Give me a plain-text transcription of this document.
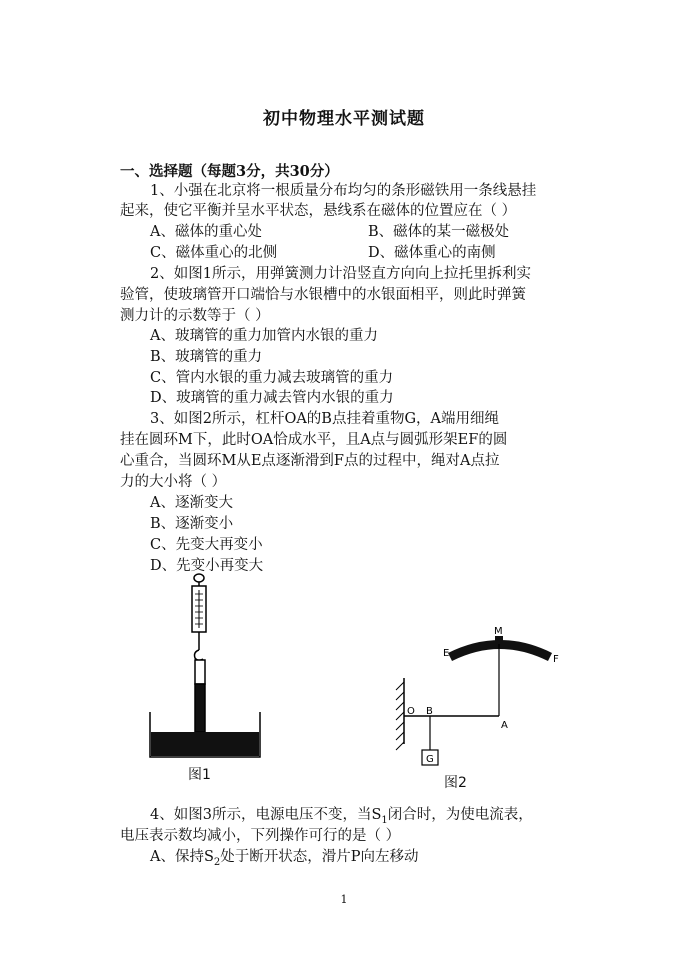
初中物理水平测试题
一、选择题（每题3分，共30分）
1、小强在北京将一根质量分布均匀的条形磁铁用一条线悬挂
起来，使它平衡并呈水平状态，悬线系在磁体的位置应在（ ）
A、磁体的重心处	B、磁体的某一磁极处
C、磁体重心的北侧	D、磁体重心的南侧
2、如图1所示，用弹簧测力计沿竖直方向向上拉托里拆利实
验管，使玻璃管开口端恰与水银槽中的水银面相平，则此时弹簧
测力计的示数等于（ ）
A、玻璃管的重力加管内水银的重力
B、玻璃管的重力
C、管内水银的重力减去玻璃管的重力
D、玻璃管的重力减去管内水银的重力
3、如图2所示，杠杆OA的B点挂着重物G，A端用细绳
挂在圆环M下，此时OA恰成水平，且A点与圆弧形架EF的圆
心重合，当圆环M从E点逐渐滑到F点的过程中，绳对A点拉
力的大小将（ ）
A、逐渐变大
B、逐渐变小
C、先变大再变小
D、先变小再变大
图1
E
M
F
O B
A
G
图2
4、如图3所示，电源电压不变，当$S_1$闭合时，为使电流表，
电压表示数均减小，下列操作可行的是（ ）
A、保持$S_2$处于断开状态，滑片P向左移动
1
